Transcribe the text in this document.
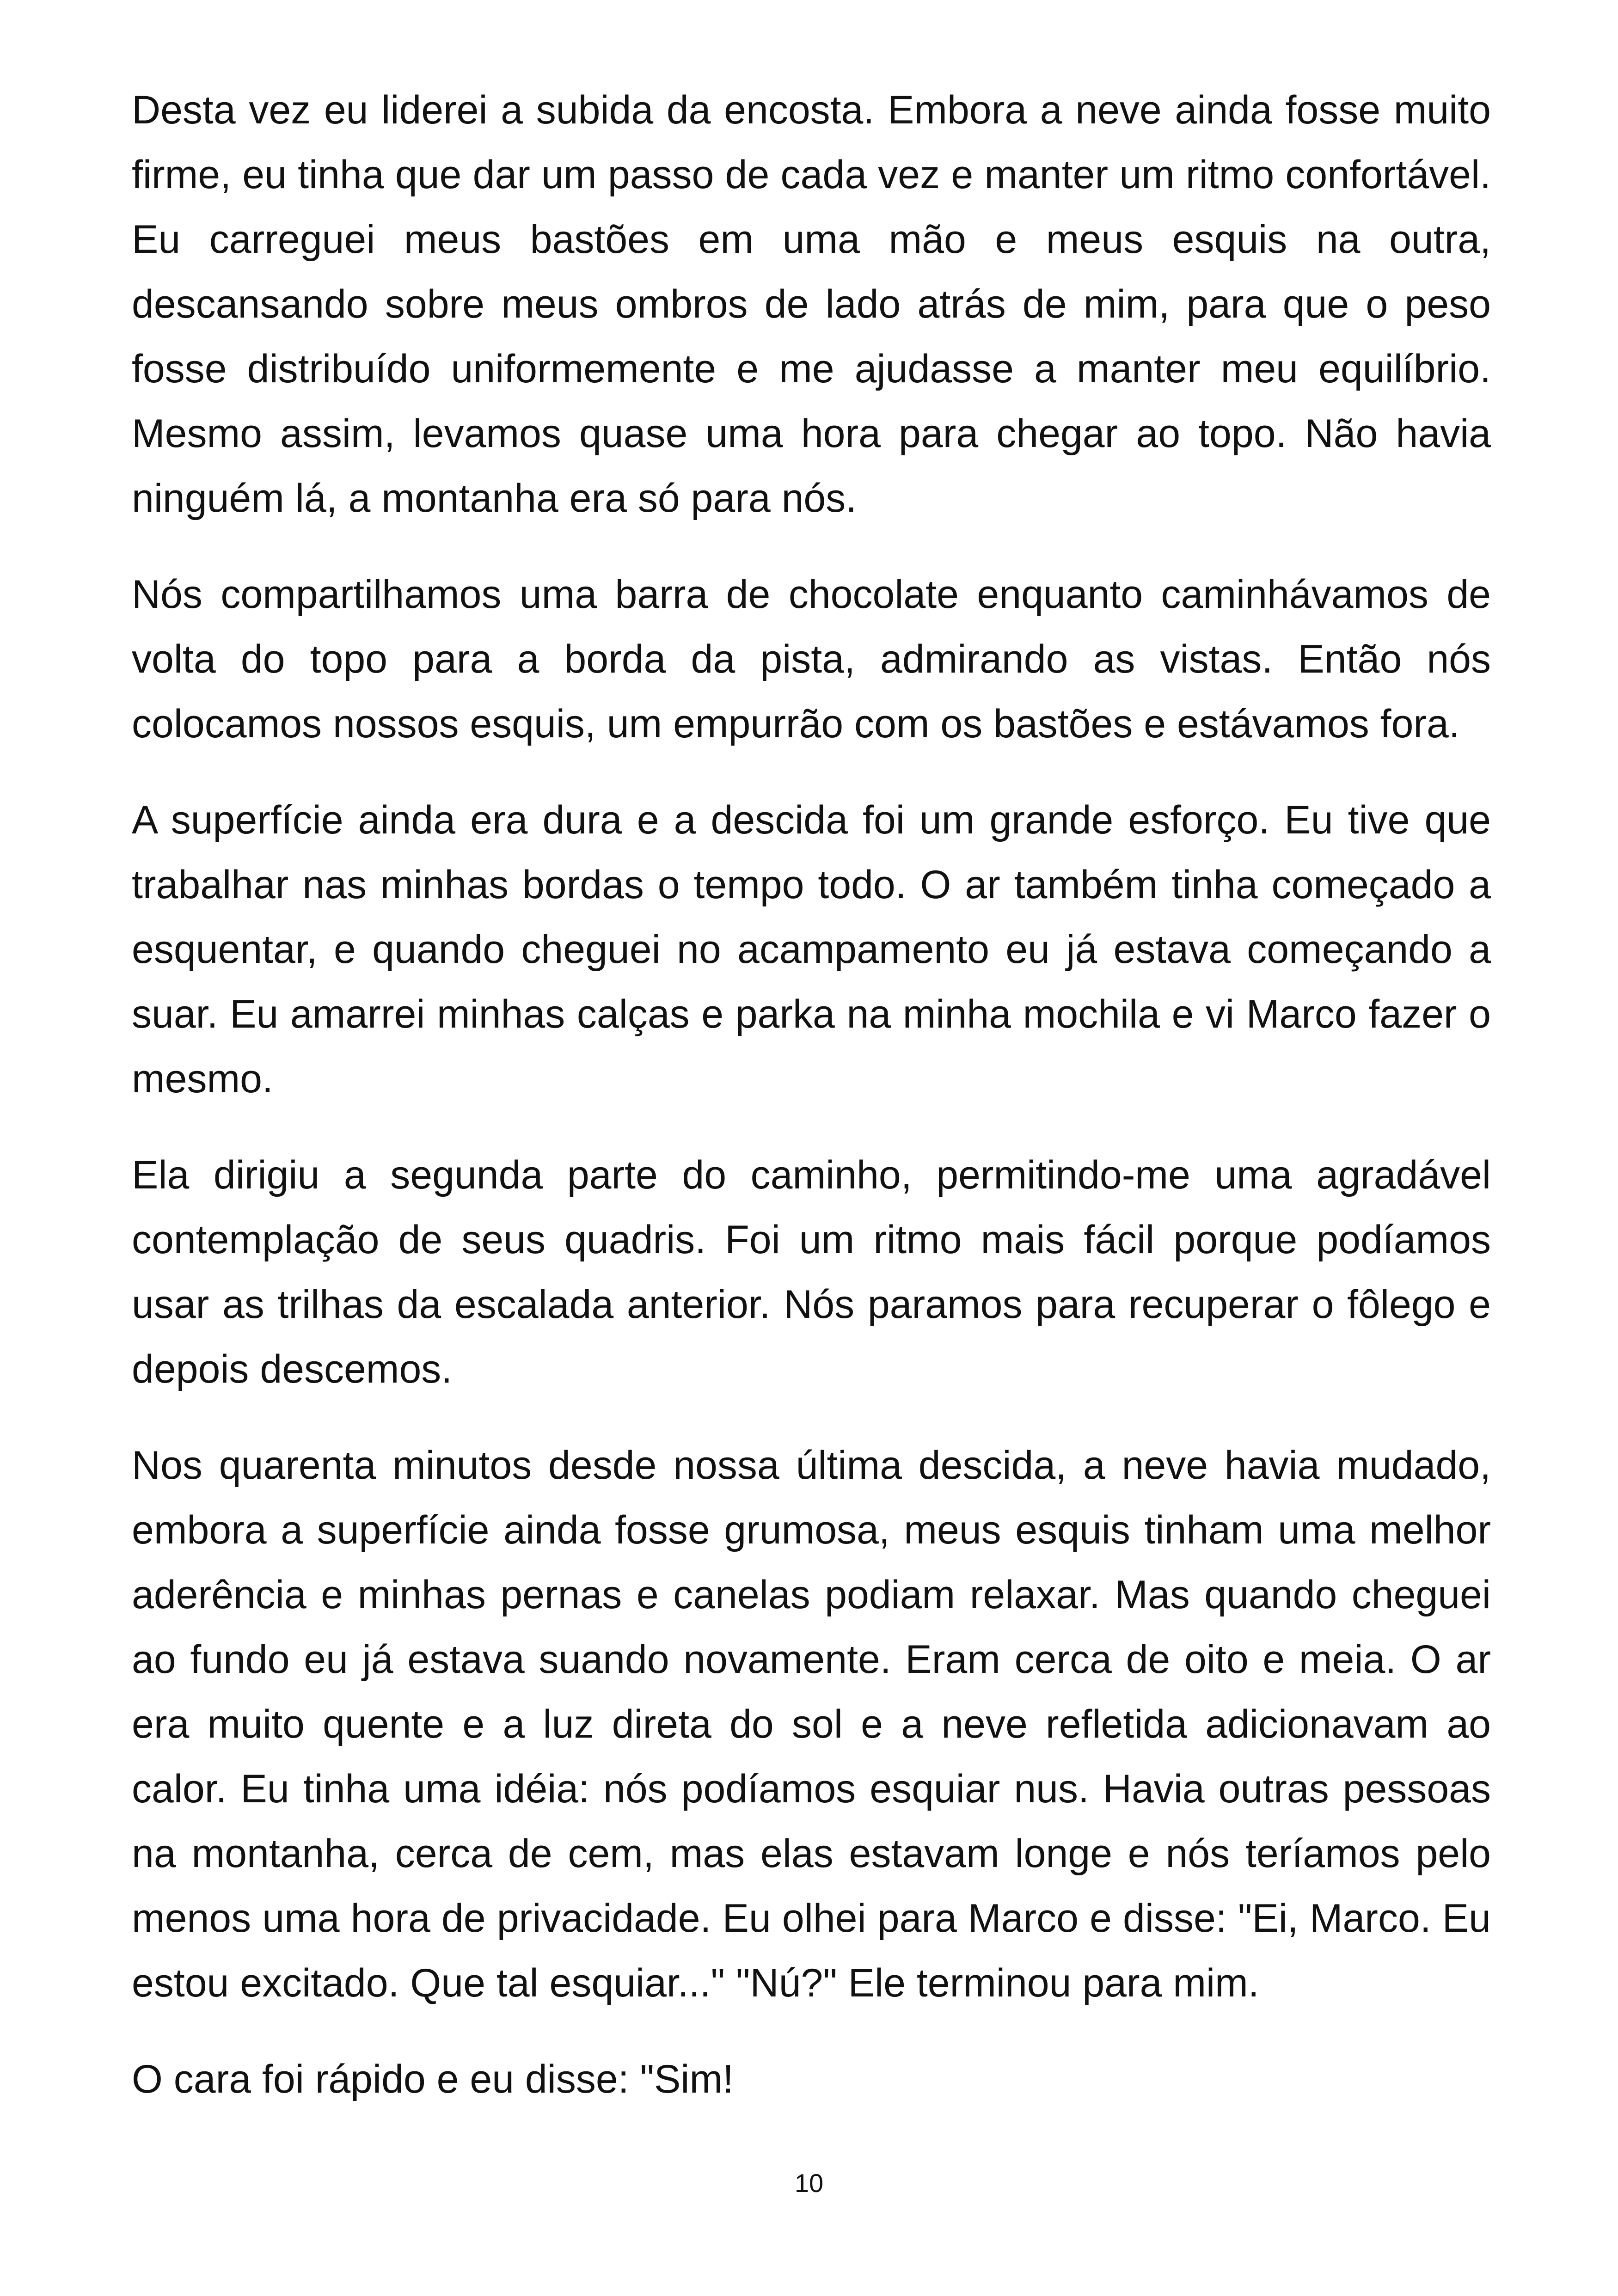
Desta vez eu liderei a subida da encosta. Embora a neve ainda fosse muito firme, eu tinha que dar um passo de cada vez e manter um ritmo confortável. Eu carreguei meus bastões em uma mão e meus esquis na outra, descansando sobre meus ombros de lado atrás de mim, para que o peso fosse distribuído uniformemente e me ajudasse a manter meu equilíbrio. Mesmo assim, levamos quase uma hora para chegar ao topo. Não havia ninguém lá, a montanha era só para nós.

Nós compartilhamos uma barra de chocolate enquanto caminhávamos de volta do topo para a borda da pista, admirando as vistas. Então nós colocamos nossos esquis, um empurrão com os bastões e estávamos fora.

A superfície ainda era dura e a descida foi um grande esforço. Eu tive que trabalhar nas minhas bordas o tempo todo. O ar também tinha começado a esquentar, e quando cheguei no acampamento eu já estava começando a suar. Eu amarrei minhas calças e parka na minha mochila e vi Marco fazer o mesmo.

Ela dirigiu a segunda parte do caminho, permitindo-me uma agradável contemplação de seus quadris. Foi um ritmo mais fácil porque podíamos usar as trilhas da escalada anterior. Nós paramos para recuperar o fôlego e depois descemos.

Nos quarenta minutos desde nossa última descida, a neve havia mudado, embora a superfície ainda fosse grumosa, meus esquis tinham uma melhor aderência e minhas pernas e canelas podiam relaxar. Mas quando cheguei ao fundo eu já estava suando novamente. Eram cerca de oito e meia. O ar era muito quente e a luz direta do sol e a neve refletida adicionavam ao calor. Eu tinha uma idéia: nós podíamos esquiar nus. Havia outras pessoas na montanha, cerca de cem, mas elas estavam longe e nós teríamos pelo menos uma hora de privacidade. Eu olhei para Marco e disse: "Ei, Marco. Eu estou excitado. Que tal esquiar..." "Nú?" Ele terminou para mim.

O cara foi rápido e eu disse: "Sim!

10
